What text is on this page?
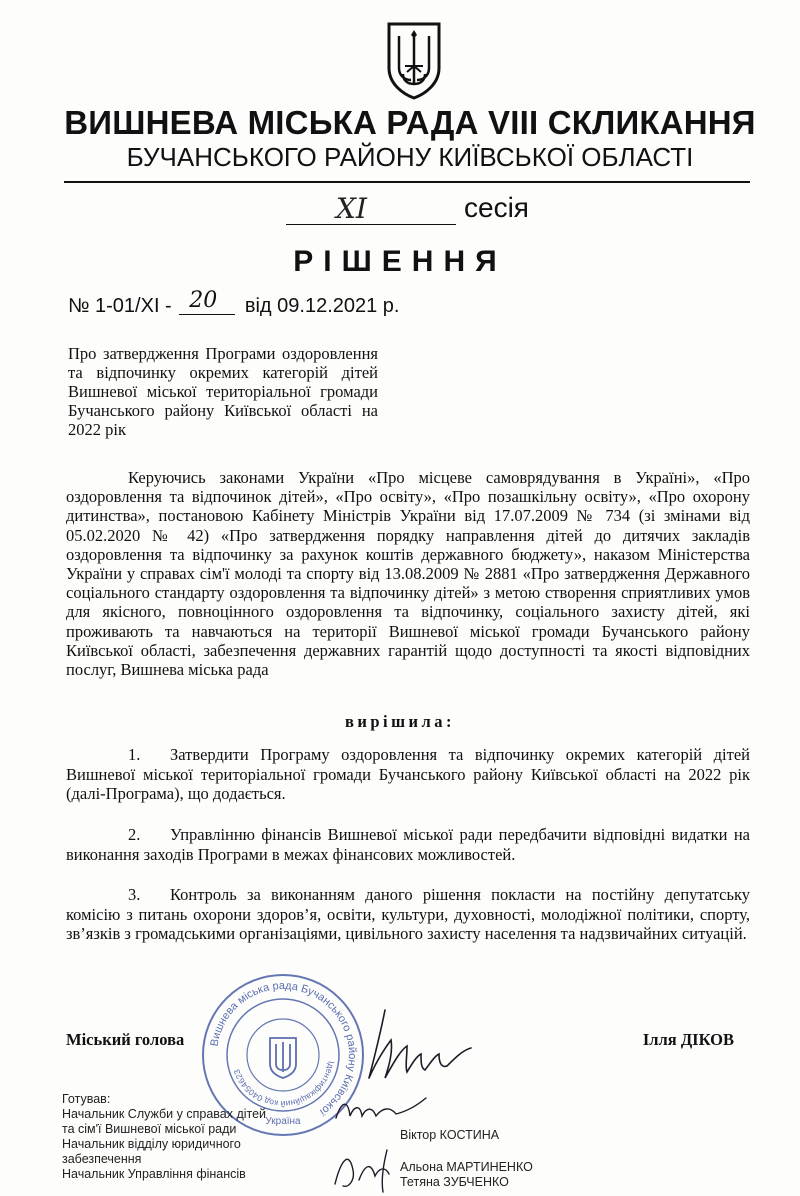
ВИШНЕВА МІСЬКА РАДА VIII СКЛИКАННЯ
БУЧАНСЬКОГО РАЙОНУ КИЇВСЬКОЇ ОБЛАСТІ
XI	сесія
РІШЕННЯ
№ 1-01/XI - 20 від 09.12.2021 р.
Про затвердження Програми оздоровлення та відпочинку окремих категорій дітей Вишневої міської територіальної громади Бучанського району Київської області на 2022 рік
Керуючись законами України «Про місцеве самоврядування в Україні», «Про оздоровлення та відпочинок дітей», «Про освіту», «Про позашкільну освіту», «Про охорону дитинства», постановою Кабінету Міністрів України від 17.07.2009 № 734 (зі змінами від 05.02.2020 № 42) «Про затвердження порядку направлення дітей до дитячих закладів оздоровлення та відпочинку за рахунок коштів державного бюджету», наказом Міністерства України у справах сім'ї молоді та спорту від 13.08.2009 № 2881 «Про затвердження Державного соціального стандарту оздоровлення та відпочинку дітей» з метою створення сприятливих умов для якісного, повноцінного оздоровлення та відпочинку, соціального захисту дітей, які проживають та навчаються на території Вишневої міської громади Бучанського району Київської області, забезпечення державних гарантій щодо доступності та якості відповідних послуг, Вишнева міська рада
вирішила:
1. Затвердити Програму оздоровлення та відпочинку окремих категорій дітей Вишневої міської територіальної громади Бучанського району Київської області на 2022 рік (далі-Програма), що додається.
2. Управлінню фінансів Вишневої міської ради передбачити відповідні видатки на виконання заходів Програми в межах фінансових можливостей.
3. Контроль за виконанням даного рішення покласти на постійну депутатську комісію з питань охорони здоров’я, освіти, культури, духовності, молодіжної політики, спорту, зв’язків з громадськими організаціями, цивільного захисту населення та надзвичайних ситуацій.
Вишнева міська рада Бучанського району Київської
Ідентифікаційний код 04054623
Україна
Міський голова	Ілля ДІКОВ
Готував:
Начальник Служби у справах дітей та сім'ї Вишневої міської ради
Начальник відділу юридичного забезпечення
Начальник Управління фінансів
Віктор КОСТИНА
Альона МАРТИНЕНКО
Тетяна ЗУБЧЕНКО
